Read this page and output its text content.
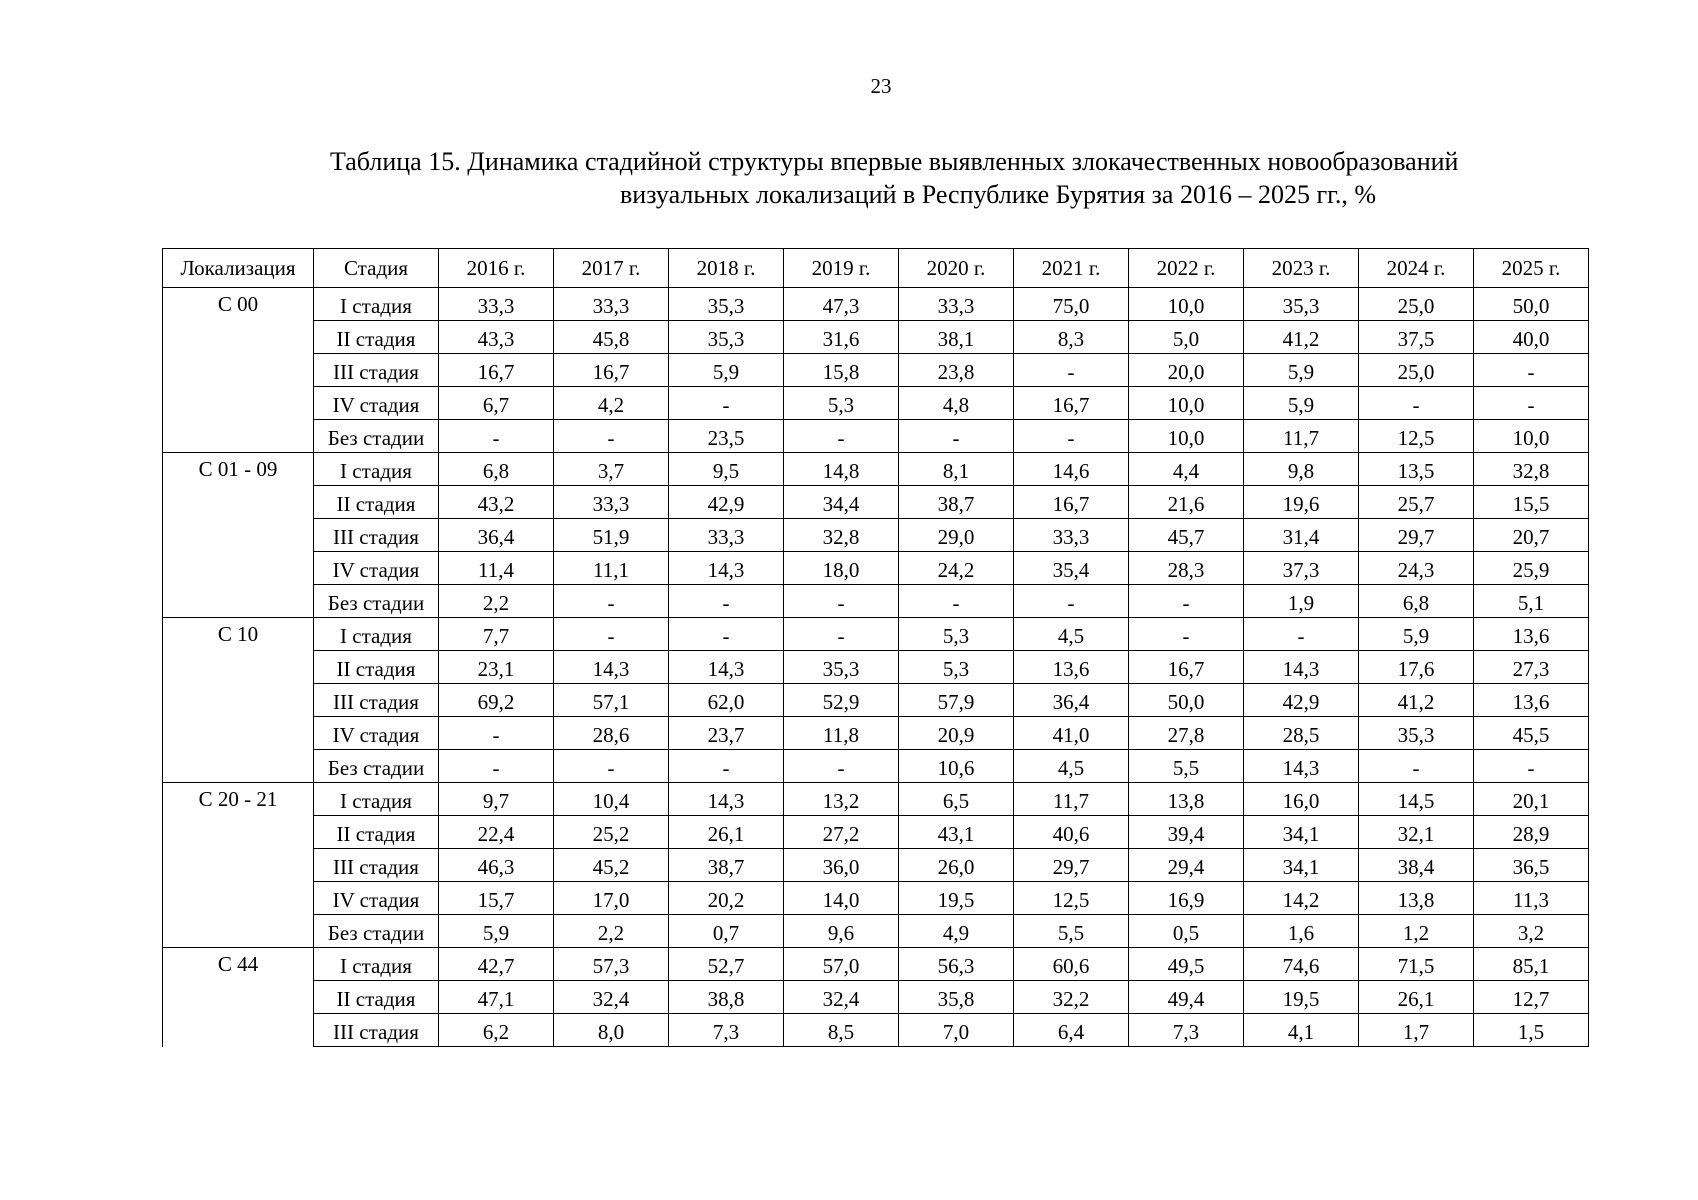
23
Таблица 15. Динамика стадийной структуры впервые выявленных злокачественных новообразований
визуальных локализаций в Республике Бурятия за 2016 – 2025 гг., %
Локализация	Стадия	2016 г.	2017 г.	2018 г.	2019 г.	2020 г.	2021 г.	2022 г.	2023 г.	2024 г.	2025 г.
С 00	I стадия	33,3	33,3	35,3	47,3	33,3	75,0	10,0	35,3	25,0	50,0
	II стадия	43,3	45,8	35,3	31,6	38,1	8,3	5,0	41,2	37,5	40,0
	III стадия	16,7	16,7	5,9	15,8	23,8	-	20,0	5,9	25,0	-
	IV стадия	6,7	4,2	-	5,3	4,8	16,7	10,0	5,9	-	-
	Без стадии	-	-	23,5	-	-	-	10,0	11,7	12,5	10,0
С 01 - 09	I стадия	6,8	3,7	9,5	14,8	8,1	14,6	4,4	9,8	13,5	32,8
	II стадия	43,2	33,3	42,9	34,4	38,7	16,7	21,6	19,6	25,7	15,5
	III стадия	36,4	51,9	33,3	32,8	29,0	33,3	45,7	31,4	29,7	20,7
	IV стадия	11,4	11,1	14,3	18,0	24,2	35,4	28,3	37,3	24,3	25,9
	Без стадии	2,2	-	-	-	-	-	-	1,9	6,8	5,1
С 10	I стадия	7,7	-	-	-	5,3	4,5	-	-	5,9	13,6
	II стадия	23,1	14,3	14,3	35,3	5,3	13,6	16,7	14,3	17,6	27,3
	III стадия	69,2	57,1	62,0	52,9	57,9	36,4	50,0	42,9	41,2	13,6
	IV стадия	-	28,6	23,7	11,8	20,9	41,0	27,8	28,5	35,3	45,5
	Без стадии	-	-	-	-	10,6	4,5	5,5	14,3	-	-
С 20 - 21	I стадия	9,7	10,4	14,3	13,2	6,5	11,7	13,8	16,0	14,5	20,1
	II стадия	22,4	25,2	26,1	27,2	43,1	40,6	39,4	34,1	32,1	28,9
	III стадия	46,3	45,2	38,7	36,0	26,0	29,7	29,4	34,1	38,4	36,5
	IV стадия	15,7	17,0	20,2	14,0	19,5	12,5	16,9	14,2	13,8	11,3
	Без стадии	5,9	2,2	0,7	9,6	4,9	5,5	0,5	1,6	1,2	3,2
С 44	I стадия	42,7	57,3	52,7	57,0	56,3	60,6	49,5	74,6	71,5	85,1
	II стадия	47,1	32,4	38,8	32,4	35,8	32,2	49,4	19,5	26,1	12,7
	III стадия	6,2	8,0	7,3	8,5	7,0	6,4	7,3	4,1	1,7	1,5
